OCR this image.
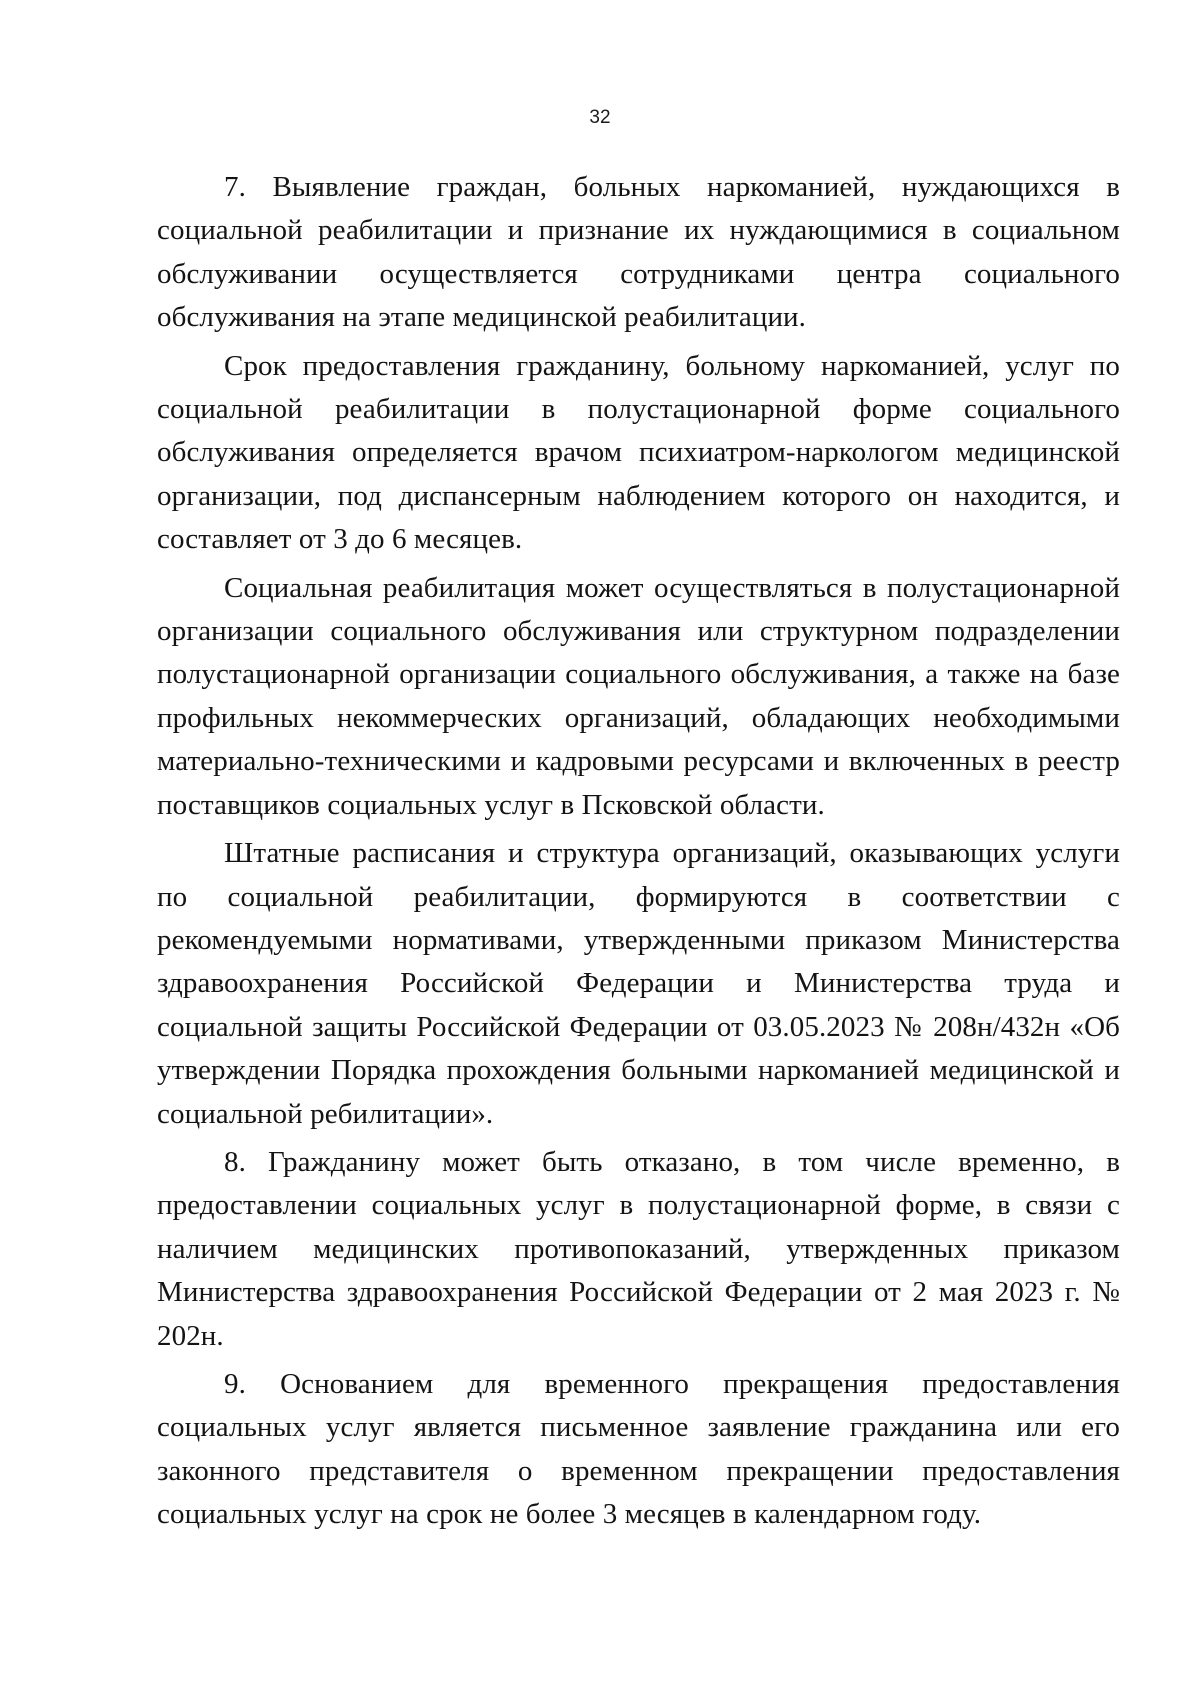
32

7. Выявление граждан, больных наркоманией, нуждающихся в социальной реабилитации и признание их нуждающимися в социальном обслуживании осуществляется сотрудниками центра социального обслуживания на этапе медицинской реабилитации.

Срок предоставления гражданину, больному наркоманией, услуг по социальной реабилитации в полустационарной форме социального обслуживания определяется врачом психиатром-наркологом медицинской организации, под диспансерным наблюдением которого он находится, и составляет от 3 до 6 месяцев.

Социальная реабилитация может осуществляться в полустационарной организации социального обслуживания или структурном подразделении полустационарной организации социального обслуживания, а также на базе профильных некоммерческих организаций, обладающих необходимыми материально-техническими и кадровыми ресурсами и включенных в реестр поставщиков социальных услуг в Псковской области.

Штатные расписания и структура организаций, оказывающих услуги по социальной реабилитации, формируются в соответствии с рекомендуемыми нормативами, утвержденными приказом Министерства здравоохранения Российской Федерации и Министерства труда и социальной защиты Российской Федерации от 03.05.2023 № 208н/432н «Об утверждении Порядка прохождения больными наркоманией медицинской и социальной ребилитации».

8. Гражданину может быть отказано, в том числе временно, в предоставлении социальных услуг в полустационарной форме, в связи с наличием медицинских противопоказаний, утвержденных приказом Министерства здравоохранения Российской Федерации от 2 мая 2023 г. № 202н.

9. Основанием для временного прекращения предоставления социальных услуг является письменное заявление гражданина или его законного представителя о временном прекращении предоставления социальных услуг на срок не более 3 месяцев в календарном году.
